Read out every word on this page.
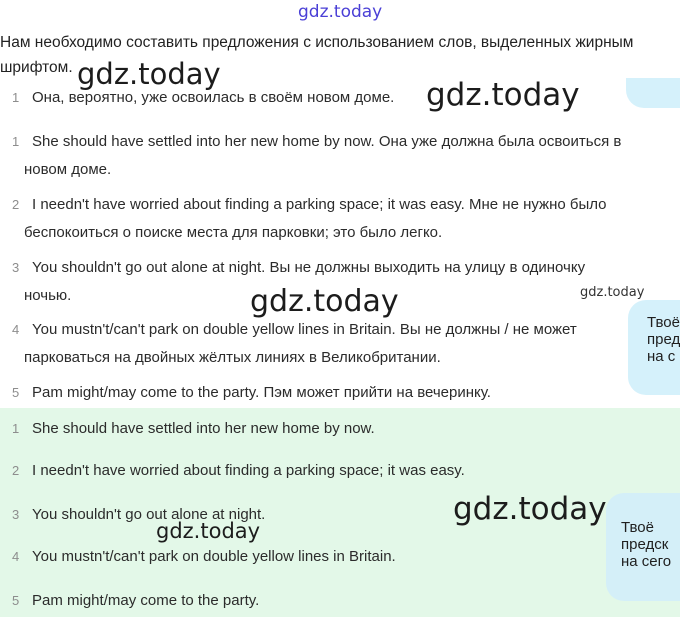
Твоё
пред
на с
Твоё
предск
на сего
gdz.today
Нам необходимо составить предложения с использованием слов, выделенных жирным шрифтом.
1 Она, вероятно, уже освоилась в своём новом доме.
1 She should have settled into her new home by now. Она уже должна была освоиться в
новом доме.
2 I needn't have worried about finding a parking space; it was easy. Мне не нужно было
беспокоиться о поиске места для парковки; это было легко.
3 You shouldn't go out alone at night. Вы не должны выходить на улицу в одиночку
ночью.
4 You mustn't/can't park on double yellow lines in Britain. Вы не должны / не может
парковаться на двойных жёлтых линиях в Великобритании.
5 Pam might/may come to the party. Пэм может прийти на вечеринку.
1 She should have settled into her new home by now.
2 I needn't have worried about finding a parking space; it was easy.
3 You shouldn't go out alone at night.
4 You mustn't/can't park on double yellow lines in Britain.
5 Pam might/may come to the party.
gdz.today
gdz.today
gdz.today	gdz.today
gdz.today
gdz.today
